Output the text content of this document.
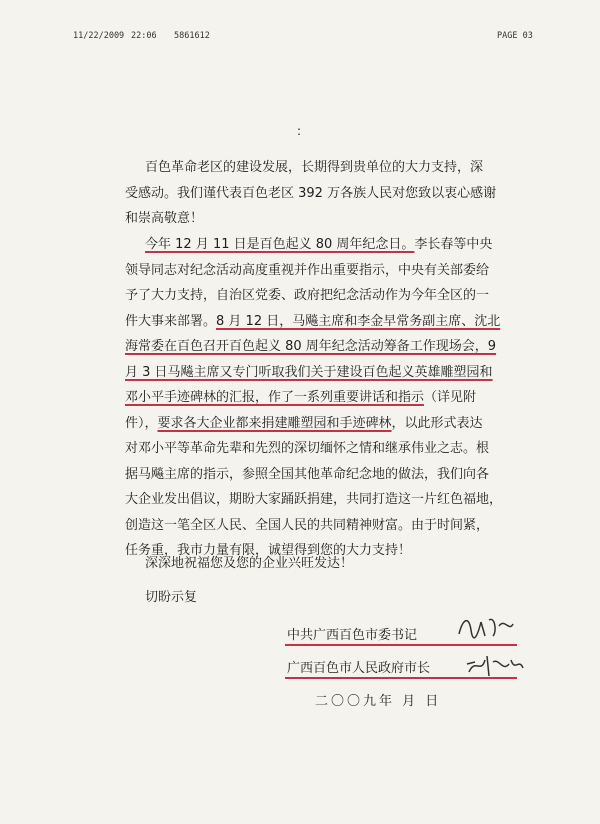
11/22/2009 22:06 5861612	PAGE 03
:
百色革命老区的建设发展，长期得到贵单位的大力支持，深
受感动。我们谨代表百色老区 392 万各族人民对您致以衷心感谢
和崇高敬意！
今年 12 月 11 日是百色起义 80 周年纪念日。李长春等中央
领导同志对纪念活动高度重视并作出重要指示，中央有关部委给
予了大力支持，自治区党委、政府把纪念活动作为今年全区的一
件大事来部署。8 月 12 日，马飚主席和李金早常务副主席、沈北
海常委在百色召开百色起义 80 周年纪念活动筹备工作现场会，9
月 3 日马飚主席又专门听取我们关于建设百色起义英雄雕塑园和
邓小平手迹碑林的汇报，作了一系列重要讲话和指示（详见附
件），要求各大企业都来捐建雕塑园和手迹碑林，以此形式表达
对邓小平等革命先辈和先烈的深切缅怀之情和继承伟业之志。根
据马飚主席的指示，参照全国其他革命纪念地的做法，我们向各
大企业发出倡议，期盼大家踊跃捐建，共同打造这一片红色福地，
创造这一笔全区人民、全国人民的共同精神财富。由于时间紧，
任务重，我市力量有限，诚望得到您的大力支持！
深深地祝福您及您的企业兴旺发达！
切盼示复
中共广西百色市委书记
广西百色市人民政府市长
二〇〇九年 月 日
